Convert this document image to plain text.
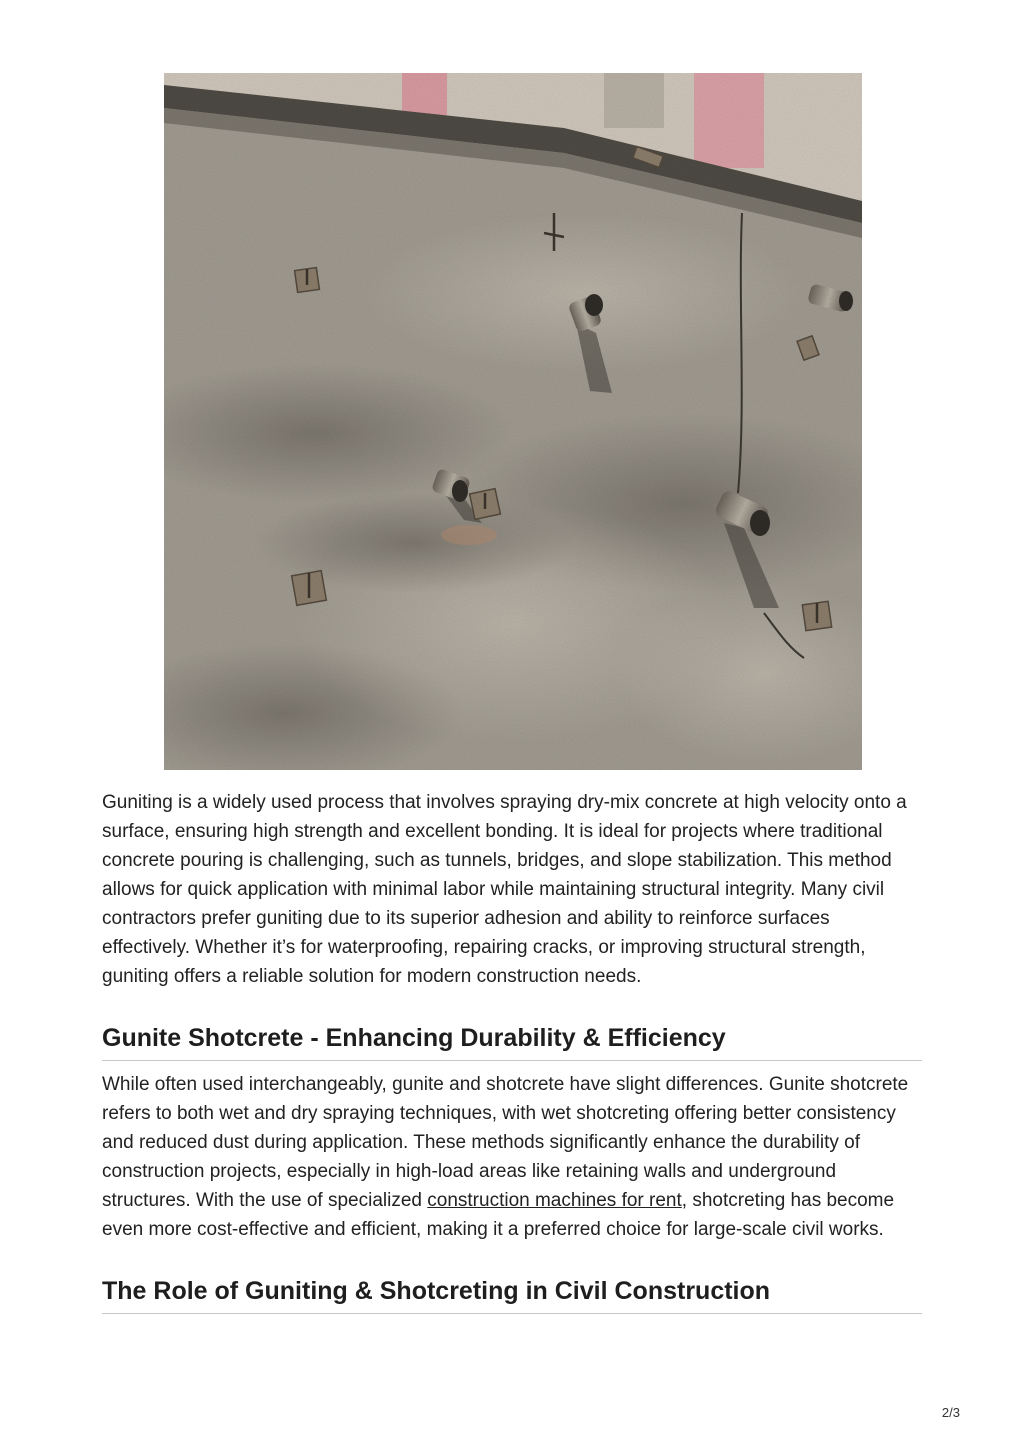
Guniting is a widely used process that involves spraying dry-mix concrete at high velocity onto a surface, ensuring high strength and excellent bonding. It is ideal for projects where traditional concrete pouring is challenging, such as tunnels, bridges, and slope stabilization. This method allows for quick application with minimal labor while maintaining structural integrity. Many civil contractors prefer guniting due to its superior adhesion and ability to reinforce surfaces effectively. Whether it’s for waterproofing, repairing cracks, or improving structural strength, guniting offers a reliable solution for modern construction needs.

Gunite Shotcrete - Enhancing Durability & Efficiency

While often used interchangeably, gunite and shotcrete have slight differences. Gunite shotcrete refers to both wet and dry spraying techniques, with wet shotcreting offering better consistency and reduced dust during application. These methods significantly enhance the durability of construction projects, especially in high-load areas like retaining walls and underground structures. With the use of specialized construction machines for rent, shotcreting has become even more cost-effective and efficient, making it a preferred choice for large-scale civil works.

The Role of Guniting & Shotcreting in Civil Construction
2/3
